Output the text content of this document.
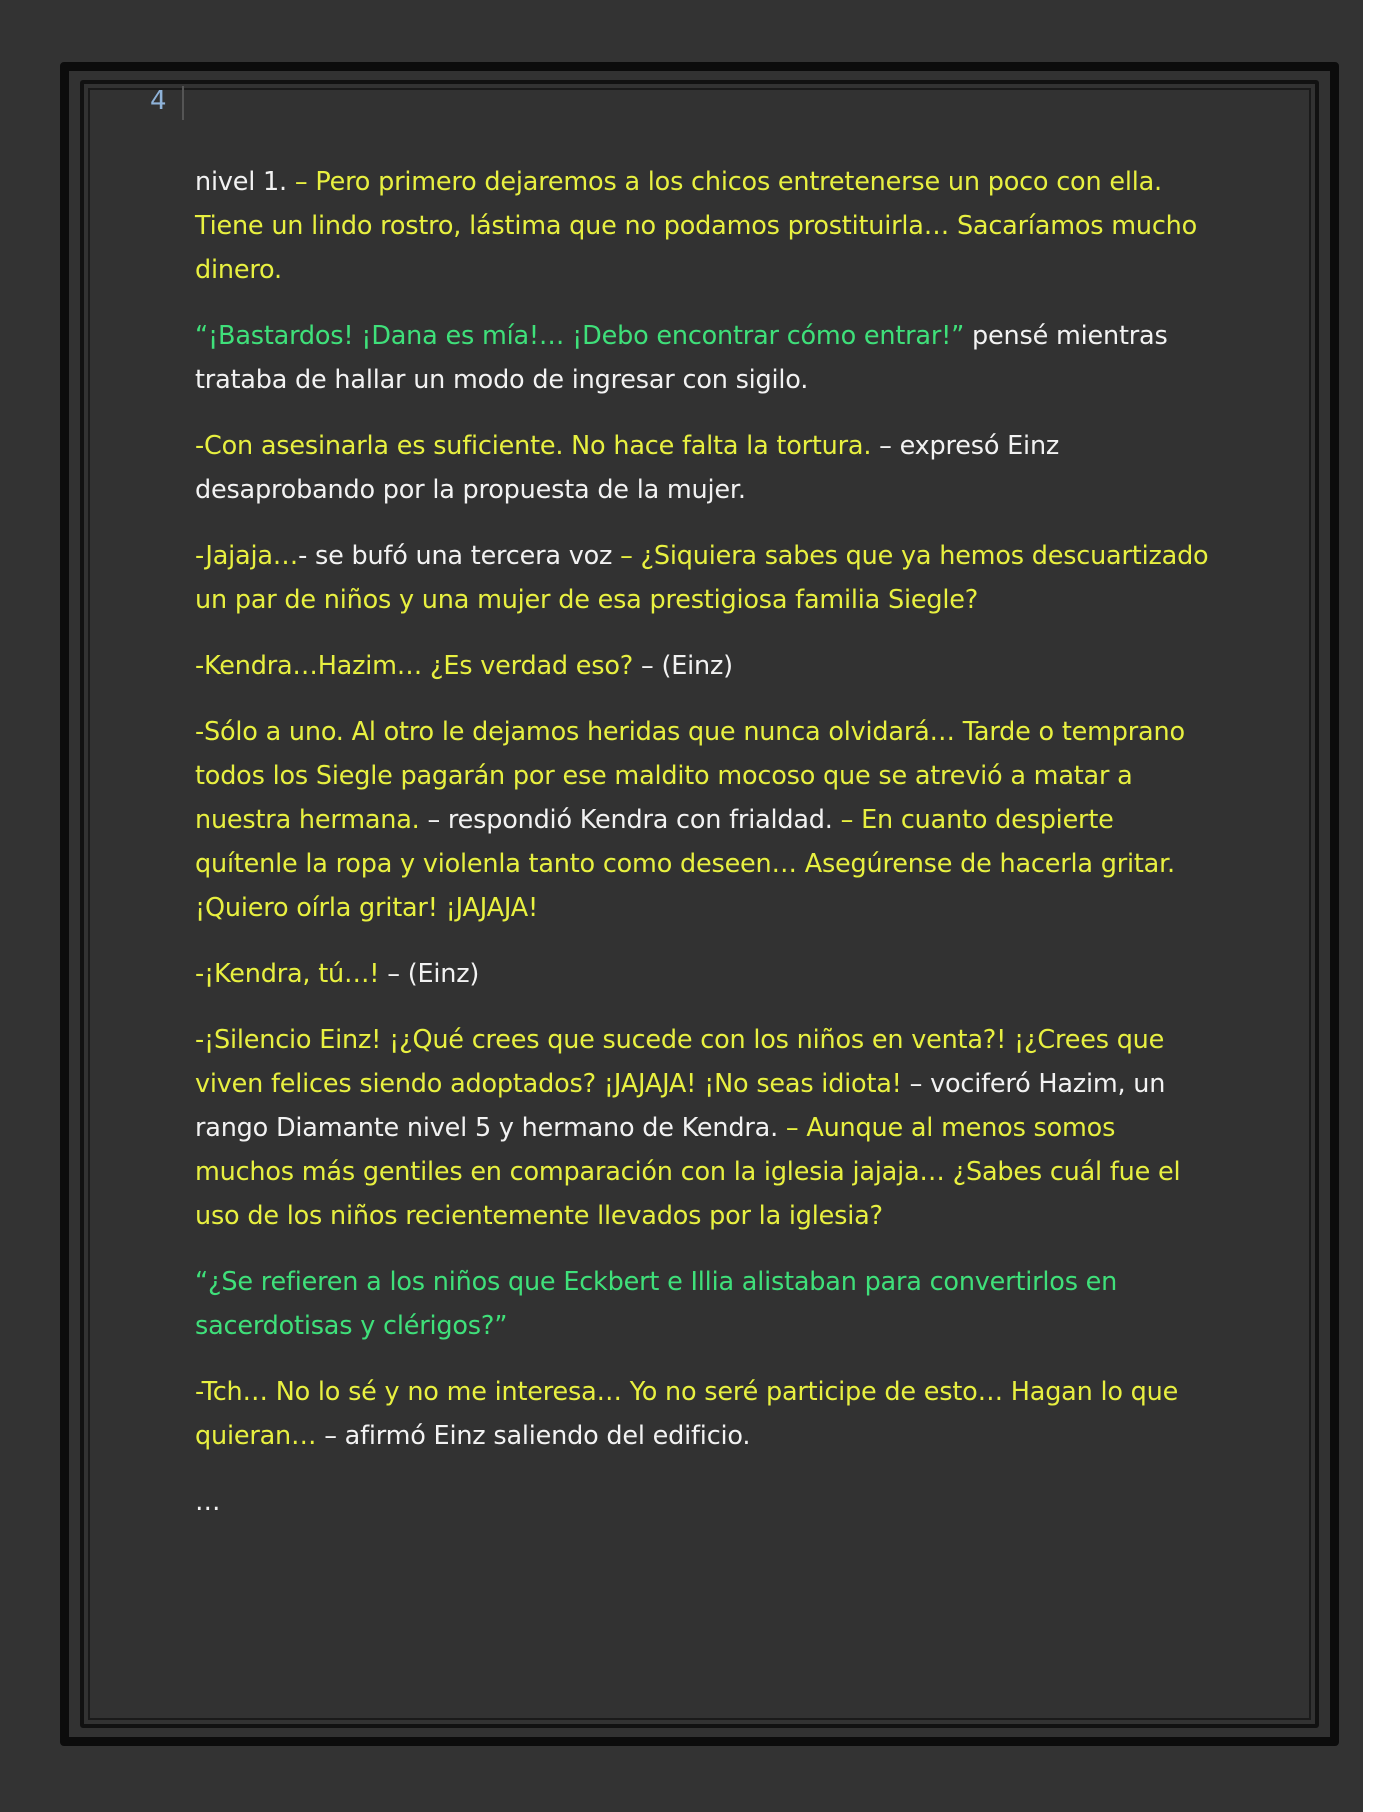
4

nivel 1. – Pero primero dejaremos a los chicos entretenerse un poco con ella. Tiene un lindo rostro, lástima que no podamos prostituirla… Sacaríamos mucho dinero.

“¡Bastardos! ¡Dana es mía!… ¡Debo encontrar cómo entrar!” pensé mientras trataba de hallar un modo de ingresar con sigilo.

-Con asesinarla es suficiente. No hace falta la tortura. – expresó Einz desaprobando por la propuesta de la mujer.

-Jajaja…- se bufó una tercera voz – ¿Siquiera sabes que ya hemos descuartizado un par de niños y una mujer de esa prestigiosa familia Siegle?

-Kendra…Hazim… ¿Es verdad eso? – (Einz)

-Sólo a uno. Al otro le dejamos heridas que nunca olvidará… Tarde o temprano todos los Siegle pagarán por ese maldito mocoso que se atrevió a matar a nuestra hermana. – respondió Kendra con frialdad. – En cuanto despierte quítenle la ropa y violenla tanto como deseen… Asegúrense de hacerla gritar. ¡Quiero oírla gritar! ¡JAJAJA!

-¡Kendra, tú…! – (Einz)

-¡Silencio Einz! ¡¿Qué crees que sucede con los niños en venta?! ¡¿Crees que viven felices siendo adoptados? ¡JAJAJA! ¡No seas idiota! – vociferó Hazim, un rango Diamante nivel 5 y hermano de Kendra. – Aunque al menos somos muchos más gentiles en comparación con la iglesia jajaja… ¿Sabes cuál fue el uso de los niños recientemente llevados por la iglesia?

“¿Se refieren a los niños que Eckbert e Illia alistaban para convertirlos en sacerdotisas y clérigos?”

-Tch… No lo sé y no me interesa… Yo no seré participe de esto… Hagan lo que quieran… – afirmó Einz saliendo del edificio.

…
